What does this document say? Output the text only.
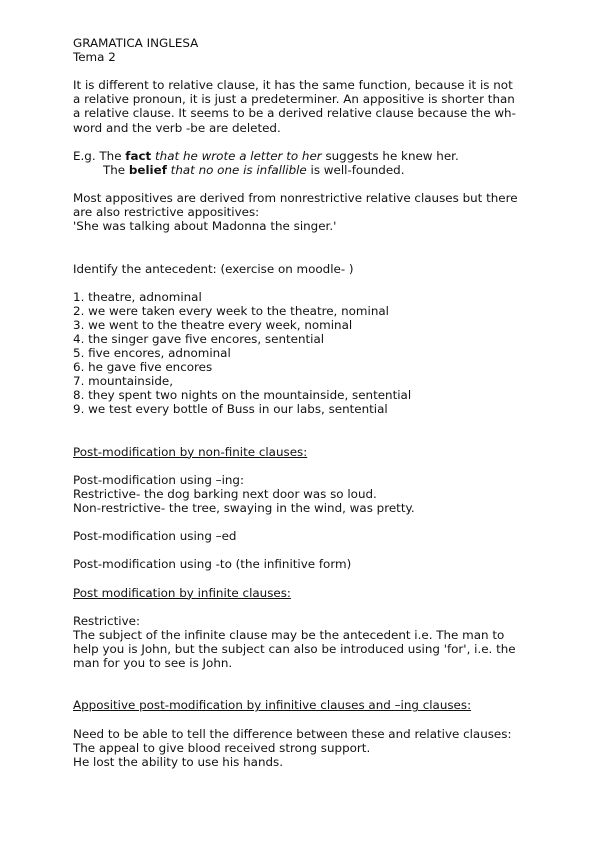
GRAMATICA INGLESA
Tema 2
It is different to relative clause, it has the same function, because it is not
a relative pronoun, it is just a predeterminer. An appositive is shorter than
a relative clause. It seems to be a derived relative clause because the wh-
word and the verb -be are deleted.
E.g. The fact that he wrote a letter to her suggests he knew her.
The belief that no one is infallible is well-founded.
Most appositives are derived from nonrestrictive relative clauses but there
are also restrictive appositives:
'She was talking about Madonna the singer.'
Identify the antecedent: (exercise on moodle- )
1. theatre, adnominal
2. we were taken every week to the theatre, nominal
3. we went to the theatre every week, nominal
4. the singer gave five encores, sentential
5. five encores, adnominal
6. he gave five encores
7. mountainside,
8. they spent two nights on the mountainside, sentential
9. we test every bottle of Buss in our labs, sentential
Post-modification by non-finite clauses:
Post-modification using –ing:
Restrictive- the dog barking next door was so loud.
Non-restrictive- the tree, swaying in the wind, was pretty.
Post-modification using –ed
Post-modification using -to (the infinitive form)
Post modification by infinite clauses:
Restrictive:
The subject of the infinite clause may be the antecedent i.e. The man to
help you is John, but the subject can also be introduced using 'for', i.e. the
man for you to see is John.
Appositive post-modification by infinitive clauses and –ing clauses:
Need to be able to tell the difference between these and relative clauses:
The appeal to give blood received strong support.
He lost the ability to use his hands.
